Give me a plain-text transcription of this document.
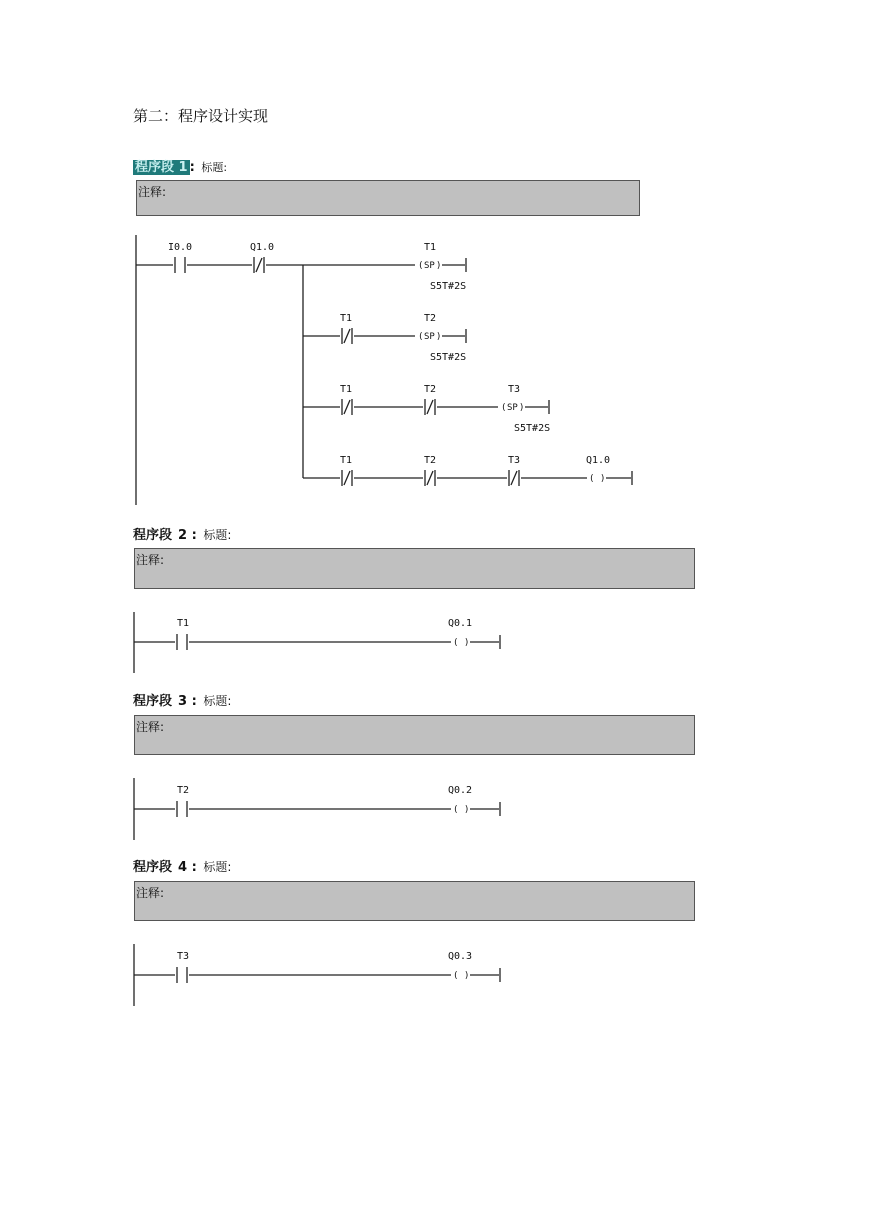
第二：程序设计实现
程序段 1 : 标题:
注释:
( SP )
I0.0	Q1.0	T1
S5T#2S
( SP )
T1	T2
S5T#2S
( SP )
T1	T2	T3
S5T#2S
( )
T1	T2	T3	Q1.0
( )
T1	Q0.1
( )
T2	Q0.2
( )
T3	Q0.3
程序段 2 : 标题:
注释:
程序段 3 : 标题:
注释:
程序段 4 : 标题:
注释:
